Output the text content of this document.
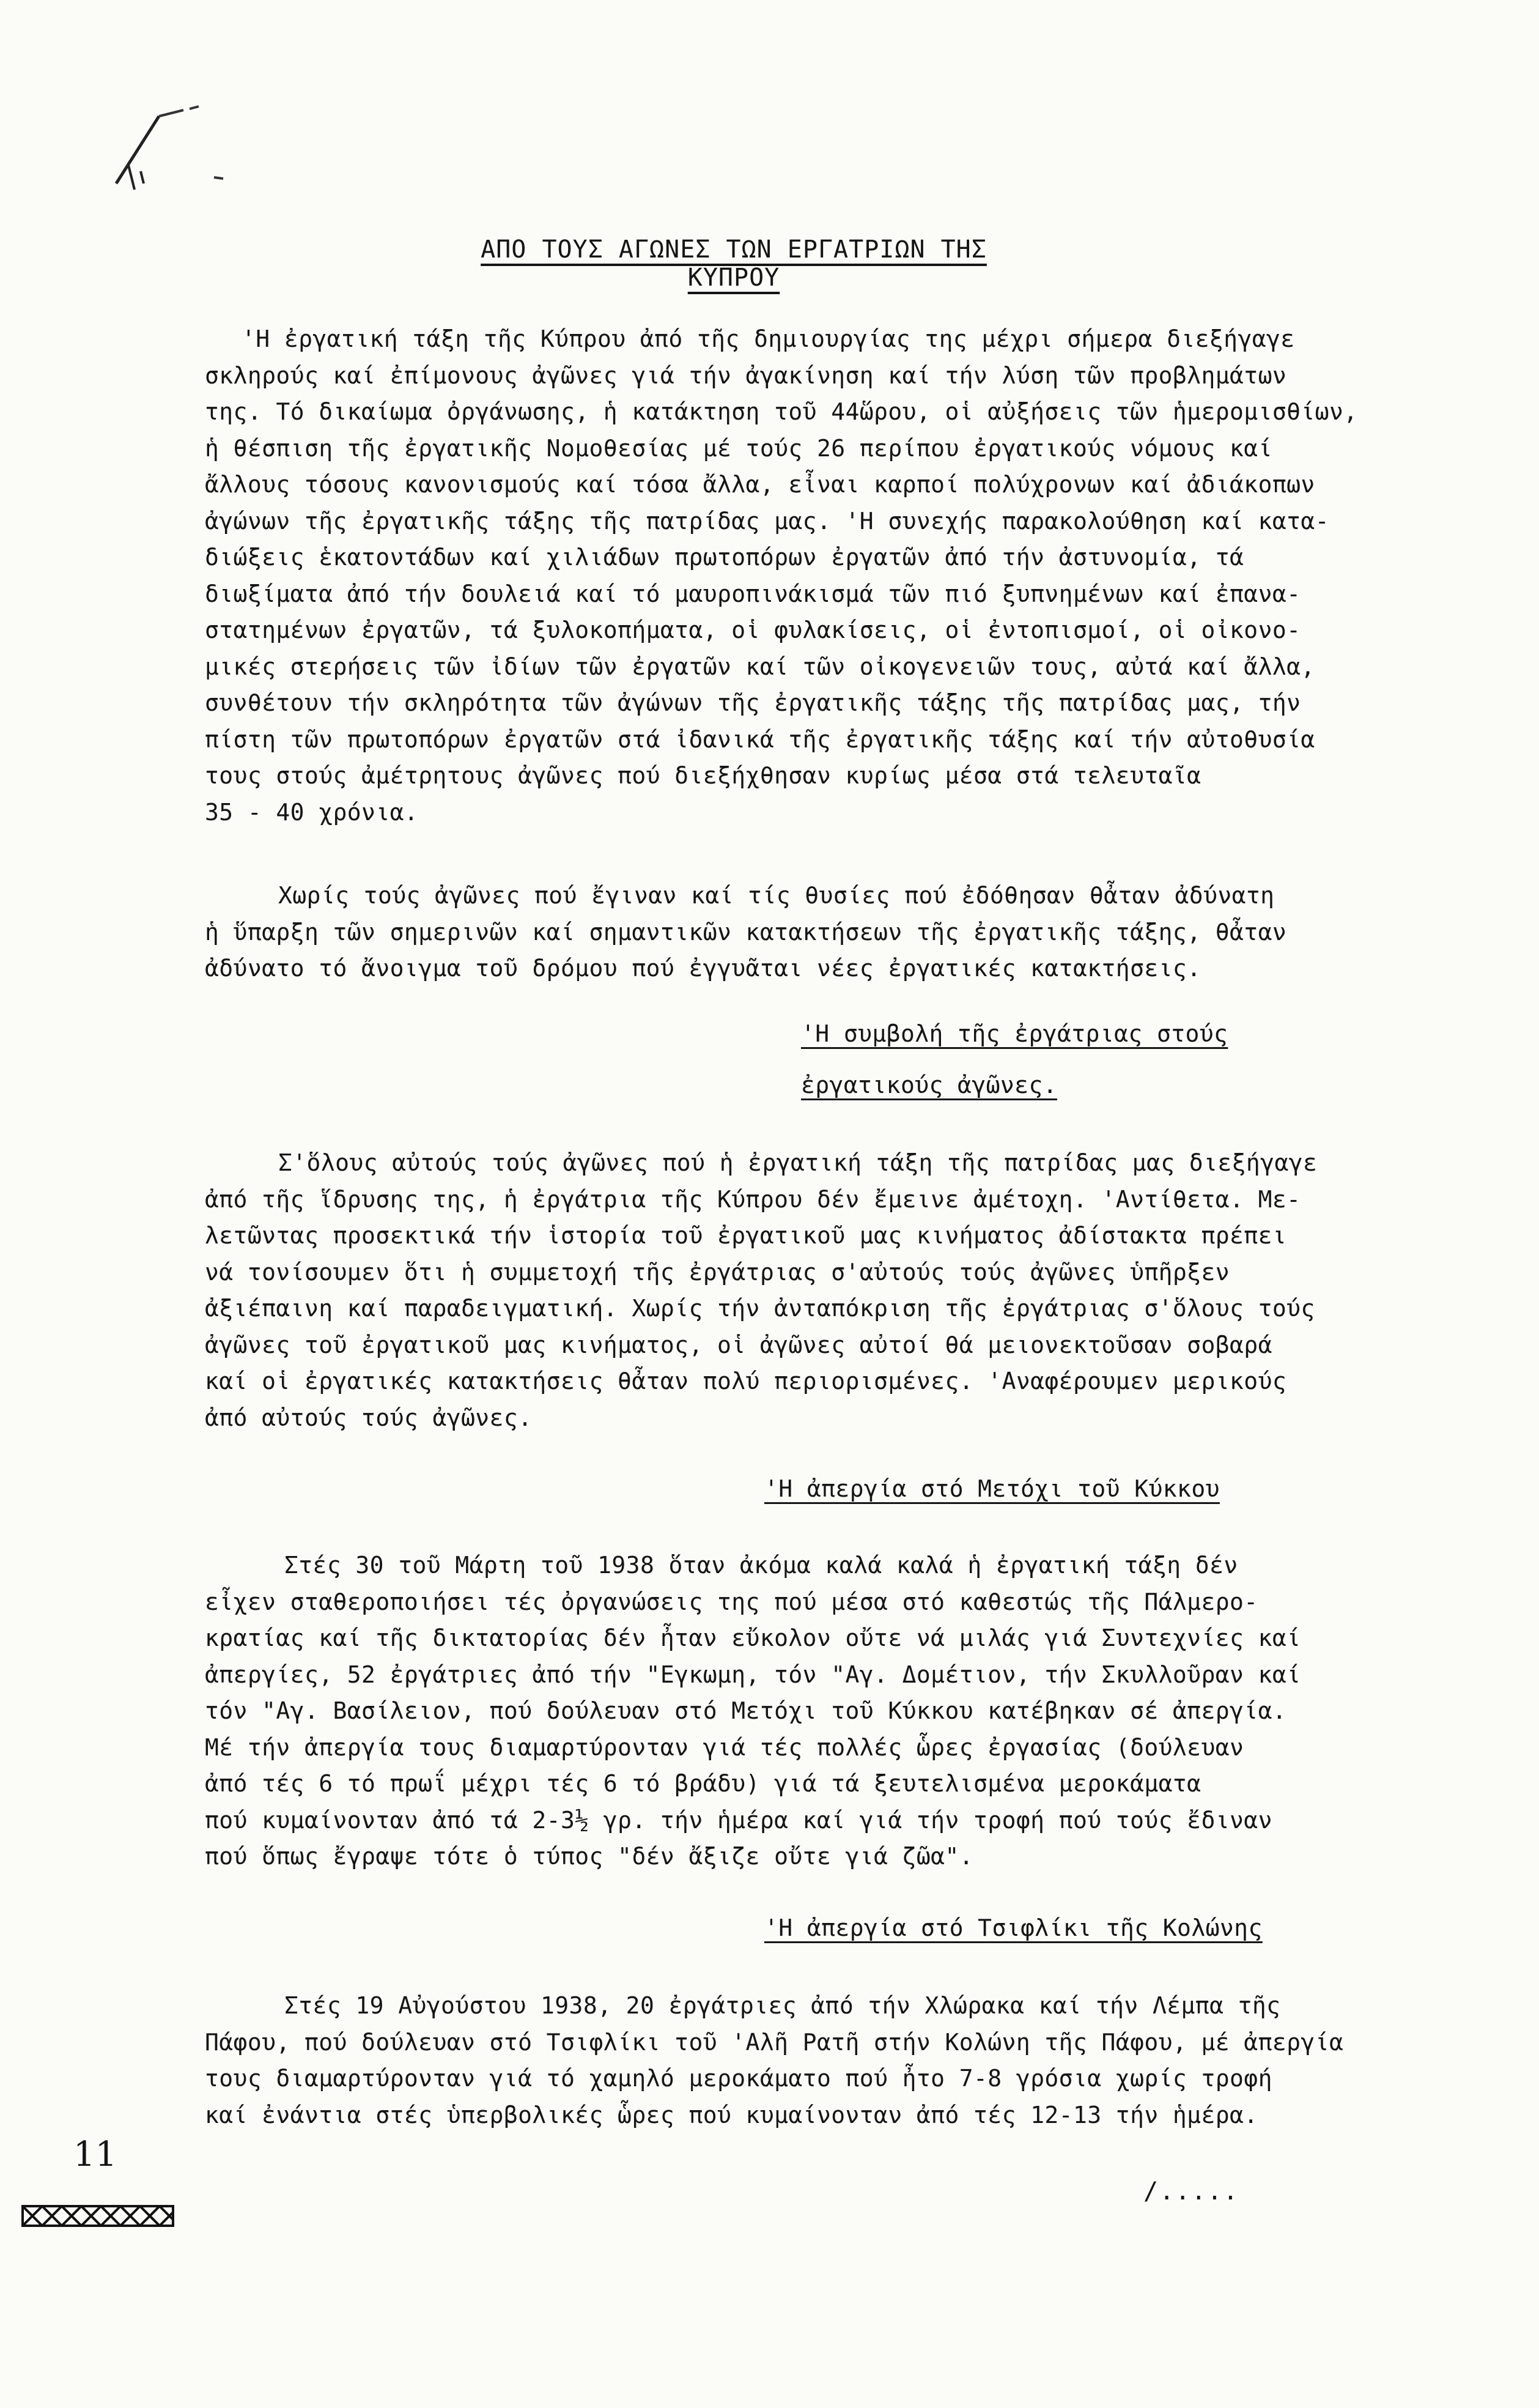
ΑΠΟ ΤΟΥΣ ΑΓΩΝΕΣ ΤΩΝ ΕΡΓΑΤΡΙΩΝ ΤΗΣ ΚΥΠΡΟΥ
'Η ἐργατική τάξη τῆς Κύπρου ἀπό τῆς δημιουργίας της μέχρι σήμερα διεξήγαγε
σκληρούς καί ἐπίμονους ἀγῶνες γιά τήν ἀγακίνηση καί τήν λύση τῶν προβλημάτων
της. Τό δικαίωμα ὀργάνωσης, ἡ κατάκτηση τοῦ 44ὥρου, οἱ αὐξήσεις τῶν ἡμερομισθίων,
ἡ θέσπιση τῆς ἐργατικῆς Νομοθεσίας μέ τούς 26 περίπου ἐργατικούς νόμους καί
ἄλλους τόσους κανονισμούς καί τόσα ἄλλα, εἶναι καρποί πολύχρονων καί ἀδιάκοπων
ἀγώνων τῆς ἐργατικῆς τάξης τῆς πατρίδας μας. 'Η συνεχής παρακολούθηση καί κατα-
διώξεις ἑκατοντάδων καί χιλιάδων πρωτοπόρων ἐργατῶν ἀπό τήν ἀστυνομία, τά
διωξίματα ἀπό τήν δουλειά καί τό μαυροπινάκισμά τῶν πιό ξυπνημένων καί ἐπανα-
στατημένων ἐργατῶν, τά ξυλοκοπήματα, οἱ φυλακίσεις, οἱ ἐντοπισμοί, οἱ οἰκονο-
μικές στερήσεις τῶν ἰδίων τῶν ἐργατῶν καί τῶν οἰκογενειῶν τους, αὐτά καί ἄλλα,
συνθέτουν τήν σκληρότητα τῶν ἀγώνων τῆς ἐργατικῆς τάξης τῆς πατρίδας μας, τήν
πίστη τῶν πρωτοπόρων ἐργατῶν στά ἰδανικά τῆς ἐργατικῆς τάξης καί τήν αὐτοθυσία
τους στούς ἀμέτρητους ἀγῶνες πού διεξήχθησαν κυρίως μέσα στά τελευταῖα
35 - 40 χρόνια.
Χωρίς τούς ἀγῶνες πού ἔγιναν καί τίς θυσίες πού ἐδόθησαν θἆταν ἀδύνατη
ἡ ὕπαρξη τῶν σημερινῶν καί σημαντικῶν κατακτήσεων τῆς ἐργατικῆς τάξης, θἆταν
ἀδύνατο τό ἄνοιγμα τοῦ δρόμου πού ἐγγυᾶται νέες ἐργατικές κατακτήσεις.
'Η συμβολή τῆς ἐργάτριας στούς
ἐργατικούς ἀγῶνες.
Σ'ὅλους αὐτούς τούς ἀγῶνες πού ἡ ἐργατική τάξη τῆς πατρίδας μας διεξήγαγε
ἀπό τῆς ἵδρυσης της, ἡ ἐργάτρια τῆς Κύπρου δέν ἔμεινε ἀμέτοχη. 'Αντίθετα. Με-
λετῶντας προσεκτικά τήν ἱστορία τοῦ ἐργατικοῦ μας κινήματος ἀδίστακτα πρέπει
νά τονίσουμεν ὅτι ἡ συμμετοχή τῆς ἐργάτριας σ'αὐτούς τούς ἀγῶνες ὑπῆρξεν
ἀξιέπαινη καί παραδειγματική. Χωρίς τήν ἀνταπόκριση τῆς ἐργάτριας σ'ὅλους τούς
ἀγῶνες τοῦ ἐργατικοῦ μας κινήματος, οἱ ἀγῶνες αὐτοί θά μειονεκτοῦσαν σοβαρά
καί οἱ ἐργατικές κατακτήσεις θἆταν πολύ περιορισμένες. 'Αναφέρουμεν μερικούς
ἀπό αὐτούς τούς ἀγῶνες.
'Η ἀπεργία στό Μετόχι τοῦ Κύκκου
Στές 30 τοῦ Μάρτη τοῦ 1938 ὅταν ἀκόμα καλά καλά ἡ ἐργατική τάξη δέν
εἶχεν σταθεροποιήσει τές ὀργανώσεις της πού μέσα στό καθεστώς τῆς Πάλμερο-
κρατίας καί τῆς δικτατορίας δέν ἦταν εὔκολον οὔτε νά μιλάς γιά Συντεχνίες καί
ἀπεργίες, 52 ἐργάτριες ἀπό τήν "Εγκωμη, τόν "Αγ. Δομέτιον, τήν Σκυλλοῦραν καί
τόν "Αγ. Βασίλειον, πού δούλευαν στό Μετόχι τοῦ Κύκκου κατέβηκαν σέ ἀπεργία.
Μέ τήν ἀπεργία τους διαμαρτύρονταν γιά τές πολλές ὧρες ἐργασίας (δούλευαν
ἀπό τές 6 τό πρωΐ μέχρι τές 6 τό βράδυ) γιά τά ξευτελισμένα μεροκάματα
πού κυμαίνονταν ἀπό τά 2-3½ γρ. τήν ἡμέρα καί γιά τήν τροφή πού τούς ἔδιναν
πού ὅπως ἔγραψε τότε ὁ τύπος "δέν ἄξιζε οὔτε γιά ζῶα".
'Η ἀπεργία στό Τσιφλίκι τῆς Κολώνης
Στές 19 Αὐγούστου 1938, 20 ἐργάτριες ἀπό τήν Χλώρακα καί τήν Λέμπα τῆς
Πάφου, πού δούλευαν στό Τσιφλίκι τοῦ 'Αλῆ Ρατῆ στήν Κολώνη τῆς Πάφου, μέ ἀπεργία
τους διαμαρτύρονταν γιά τό χαμηλό μεροκάματο πού ἦτο 7-8 γρόσια χωρίς τροφή
καί ἐνάντια στές ὑπερβολικές ὧρες πού κυμαίνονταν ἀπό τές 12-13 τήν ἡμέρα.
11
/.....
